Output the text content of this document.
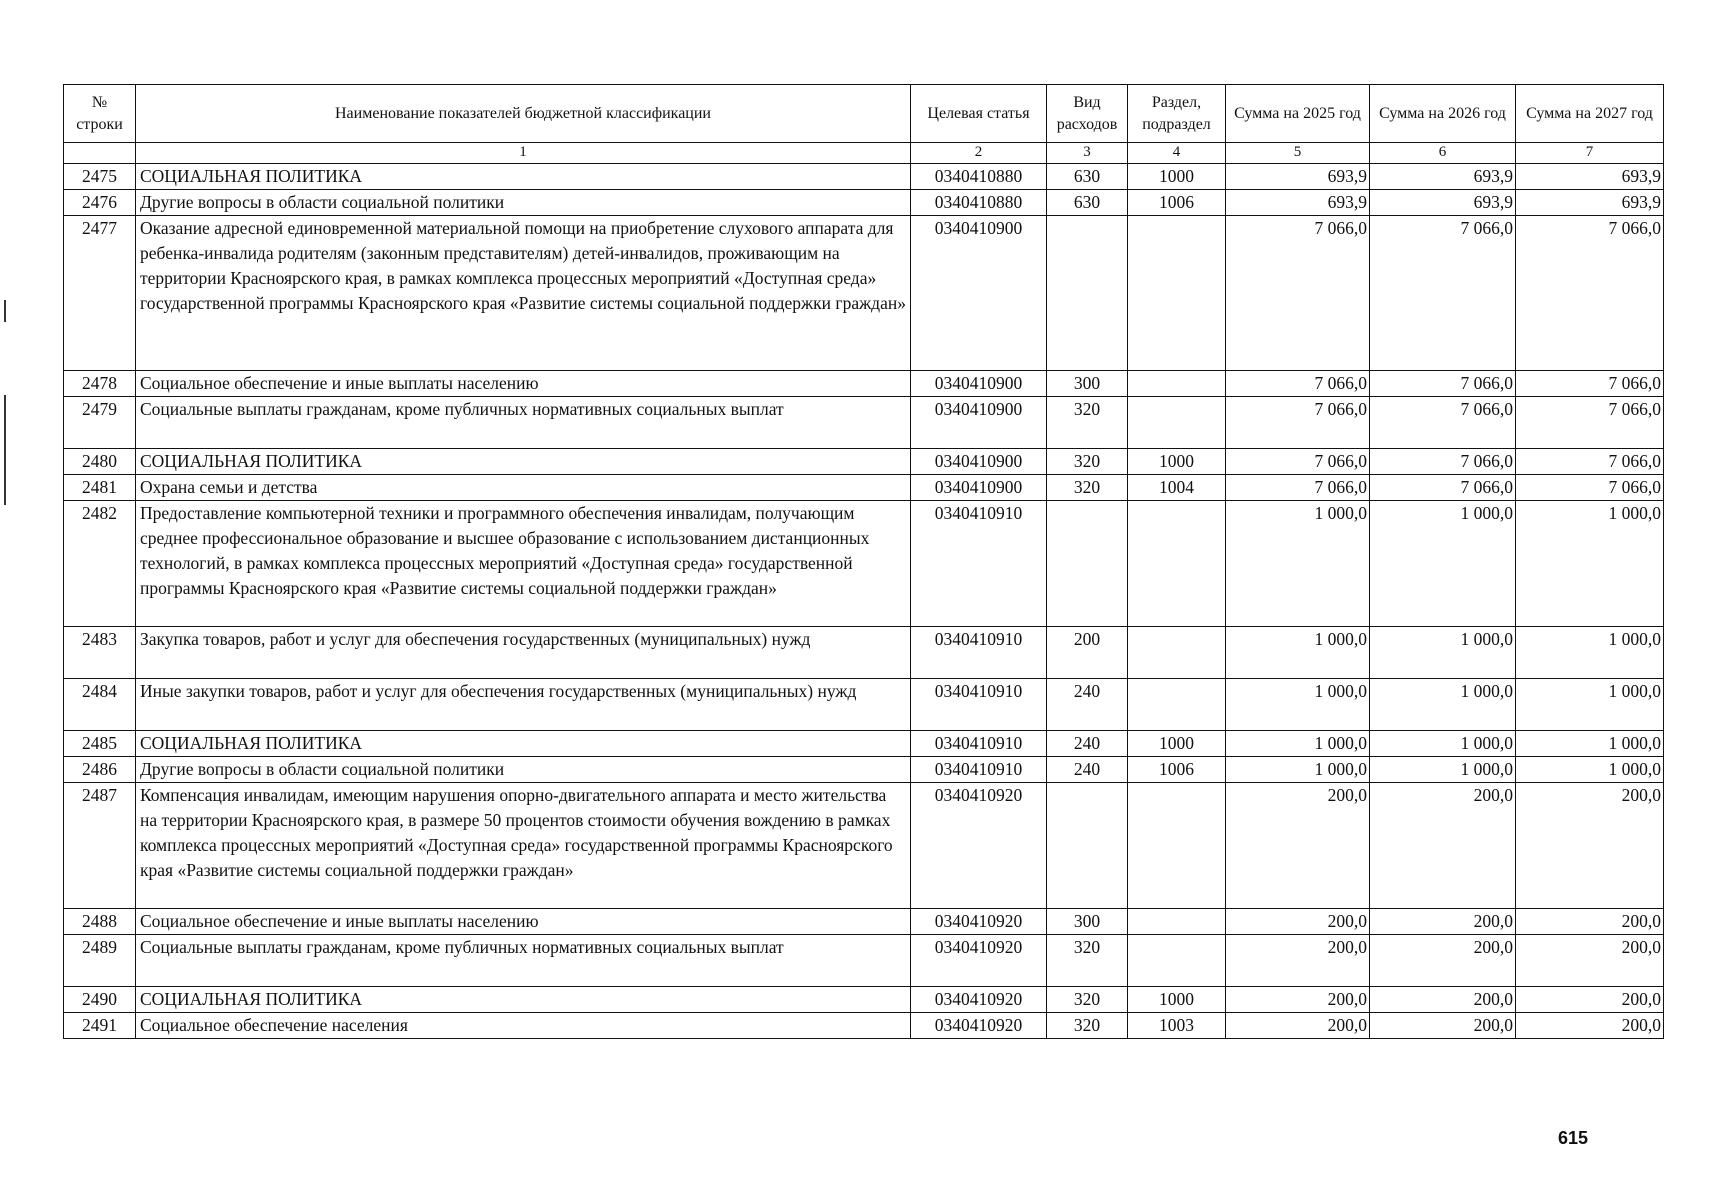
№ строки	Наименование показателей бюджетной классификации	Целевая статья	Вид расходов	Раздел, подраздел	Сумма на 2025 год	Сумма на 2026 год	Сумма на 2027 год
	1	2	3	4	5	6	7
2475	СОЦИАЛЬНАЯ ПОЛИТИКА	0340410880	630	1000	693,9	693,9	693,9
2476	Другие вопросы в области социальной политики	0340410880	630	1006	693,9	693,9	693,9
2477	Оказание адресной единовременной материальной помощи на приобретение слухового аппарата для ребенка-инвалида родителям (законным представителям) детей-инвалидов, проживающим на территории Красноярского края, в рамках комплекса процессных мероприятий «Доступная среда» государственной программы Красноярского края «Развитие системы социальной поддержки граждан»	0340410900			7 066,0	7 066,0	7 066,0
2478	Социальное обеспечение и иные выплаты населению	0340410900	300		7 066,0	7 066,0	7 066,0
2479	Социальные выплаты гражданам, кроме публичных нормативных социальных выплат	0340410900	320		7 066,0	7 066,0	7 066,0
2480	СОЦИАЛЬНАЯ ПОЛИТИКА	0340410900	320	1000	7 066,0	7 066,0	7 066,0
2481	Охрана семьи и детства	0340410900	320	1004	7 066,0	7 066,0	7 066,0
2482	Предоставление компьютерной техники и программного обеспечения инвалидам, получающим среднее профессиональное образование и высшее образование с использованием дистанционных технологий, в рамках комплекса процессных мероприятий «Доступная среда» государственной программы Красноярского края «Развитие системы социальной поддержки граждан»	0340410910			1 000,0	1 000,0	1 000,0
2483	Закупка товаров, работ и услуг для обеспечения государственных (муниципальных) нужд	0340410910	200		1 000,0	1 000,0	1 000,0
2484	Иные закупки товаров, работ и услуг для обеспечения государственных (муниципальных) нужд	0340410910	240		1 000,0	1 000,0	1 000,0
2485	СОЦИАЛЬНАЯ ПОЛИТИКА	0340410910	240	1000	1 000,0	1 000,0	1 000,0
2486	Другие вопросы в области социальной политики	0340410910	240	1006	1 000,0	1 000,0	1 000,0
2487	Компенсация инвалидам, имеющим нарушения опорно-двигательного аппарата и место жительства на территории Красноярского края, в размере 50 процентов стоимости обучения вождению в рамках комплекса процессных мероприятий «Доступная среда» государственной программы Красноярского края «Развитие системы социальной поддержки граждан»	0340410920			200,0	200,0	200,0
2488	Социальное обеспечение и иные выплаты населению	0340410920	300		200,0	200,0	200,0
2489	Социальные выплаты гражданам, кроме публичных нормативных социальных выплат	0340410920	320		200,0	200,0	200,0
2490	СОЦИАЛЬНАЯ ПОЛИТИКА	0340410920	320	1000	200,0	200,0	200,0
2491	Социальное обеспечение населения	0340410920	320	1003	200,0	200,0	200,0
615
